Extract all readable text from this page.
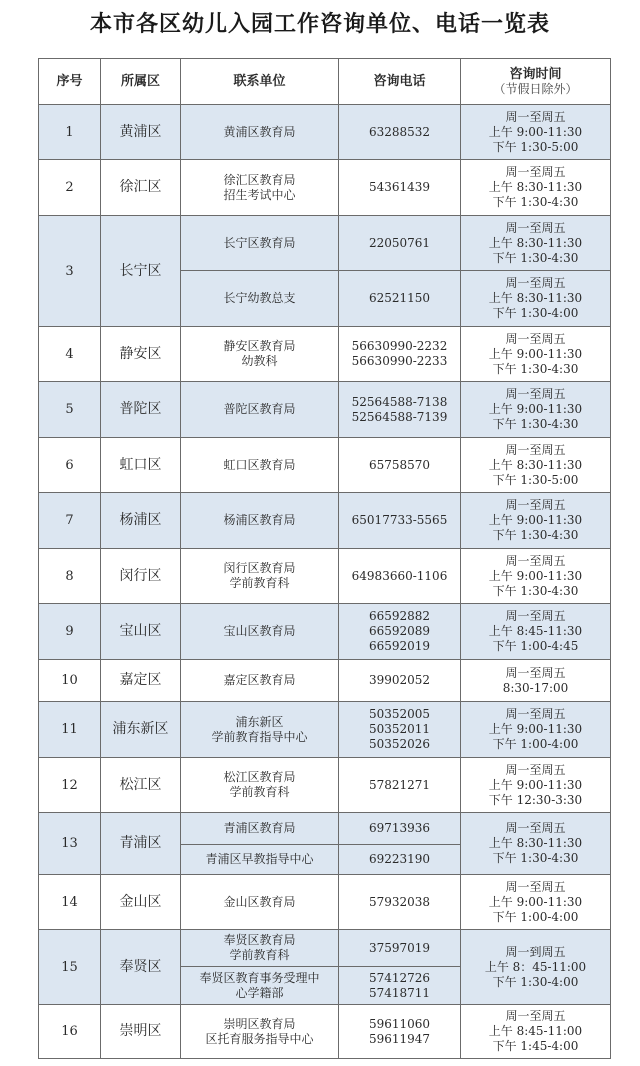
本市各区幼儿入园工作咨询单位、电话一览表
序号	所属区	联系单位	咨询电话	咨询时间
（节假日除外）

1	黄浦区	黄浦区教育局	63288532	周一至周五
上午 9:00-11:30
下午 1:30-5:00
2	徐汇区	徐汇区教育局
招生考试中心	54361439	周一至周五
上午 8:30-11:30
下午 1:30-4:30
3	长宁区	长宁区教育局	22050761	周一至周五
上午 8:30-11:30
下午 1:30-4:30
		长宁幼教总支	62521150	周一至周五
上午 8:30-11:30
下午 1:30-4:00
4	静安区	静安区教育局
幼教科	56630990-2232
56630990-2233	周一至周五
上午 9:00-11:30
下午 1:30-4:30
5	普陀区	普陀区教育局	52564588-7138
52564588-7139	周一至周五
上午 9:00-11:30
下午 1:30-4:30
6	虹口区	虹口区教育局	65758570	周一至周五
上午 8:30-11:30
下午 1:30-5:00
7	杨浦区	杨浦区教育局	65017733-5565	周一至周五
上午 9:00-11:30
下午 1:30-4:30
8	闵行区	闵行区教育局
学前教育科	64983660-1106	周一至周五
上午 9:00-11:30
下午 1:30-4:30
9	宝山区	宝山区教育局	66592882
66592089
66592019	周一至周五
上午 8:45-11:30
下午 1:00-4:45
10	嘉定区	嘉定区教育局	39902052	周一至周五
8:30-17:00
11	浦东新区	浦东新区
学前教育指导中心	50352005
50352011
50352026	周一至周五
上午 9:00-11:30
下午 1:00-4:00
12	松江区	松江区教育局
学前教育科	57821271	周一至周五
上午 9:00-11:30
下午 12:30-3:30
13	青浦区	青浦区教育局	69713936	周一至周五
上午 8:30-11:30
下午 1:30-4:30
		青浦区早教指导中心	69223190	
14	金山区	金山区教育局	57932038	周一至周五
上午 9:00-11:30
下午 1:00-4:00
15	奉贤区	奉贤区教育局
学前教育科	37597019	周一到周五
上午 8：45-11:00
下午 1:30-4:00
		奉贤区教育事务受理中
心学籍部	57412726
57418711	
16	崇明区	崇明区教育局
区托育服务指导中心	59611060
59611947	周一至周五
上午 8:45-11:00
下午 1:45-4:00
